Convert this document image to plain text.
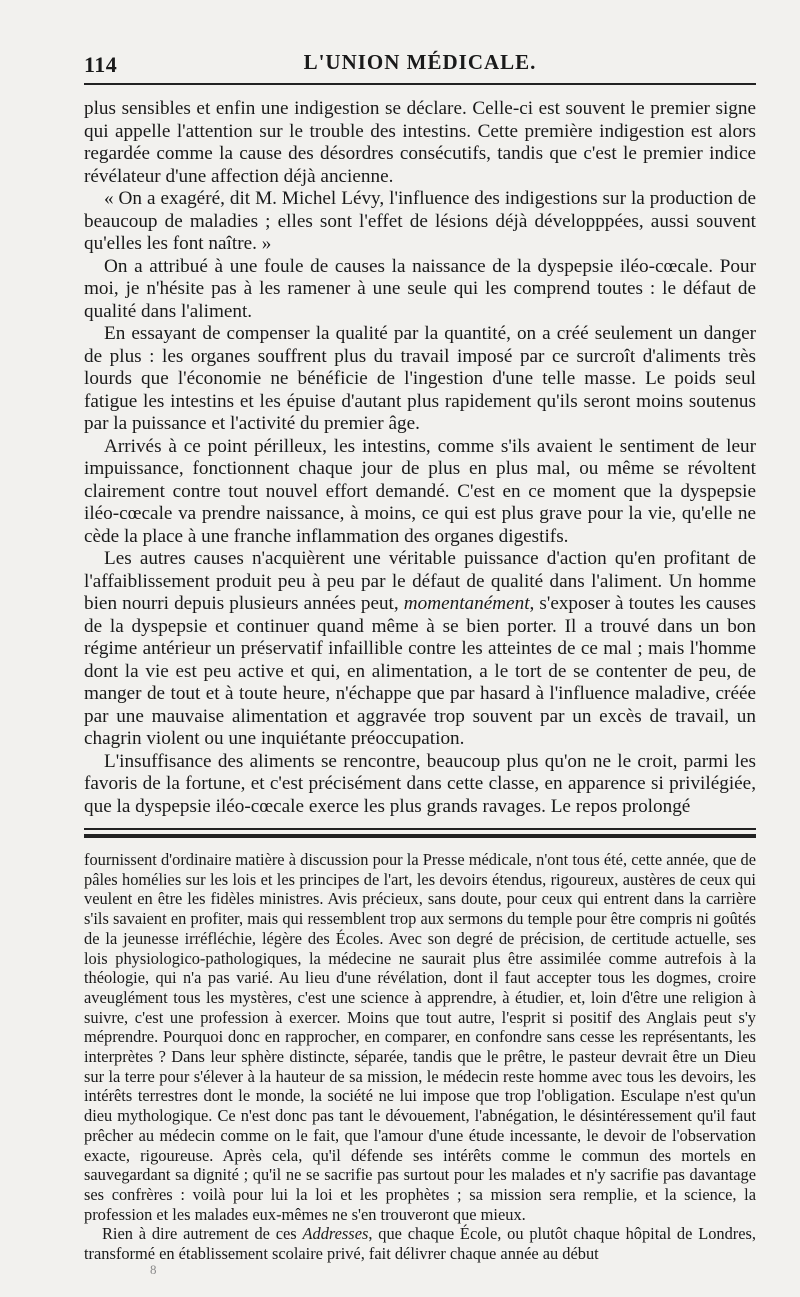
114	L'UNION MÉDICALE.

plus sensibles et enfin une indigestion se déclare. Celle-ci est souvent le premier signe qui appelle l'attention sur le trouble des intestins. Cette première indigestion est alors regardée comme la cause des désordres consécutifs, tandis que c'est le premier indice révélateur d'une affection déjà ancienne.

« On a exagéré, dit M. Michel Lévy, l'influence des indigestions sur la production de beaucoup de maladies ; elles sont l'effet de lésions déjà développpées, aussi souvent qu'elles les font naître. »

On a attribué à une foule de causes la naissance de la dyspepsie iléo-cœcale. Pour moi, je n'hésite pas à les ramener à une seule qui les comprend toutes : le défaut de qualité dans l'aliment.

En essayant de compenser la qualité par la quantité, on a créé seulement un danger de plus : les organes souffrent plus du travail imposé par ce surcroît d'aliments très lourds que l'économie ne bénéficie de l'ingestion d'une telle masse. Le poids seul fatigue les intestins et les épuise d'autant plus rapidement qu'ils seront moins soutenus par la puissance et l'activité du premier âge.

Arrivés à ce point périlleux, les intestins, comme s'ils avaient le sentiment de leur impuissance, fonctionnent chaque jour de plus en plus mal, ou même se révoltent clairement contre tout nouvel effort demandé. C'est en ce moment que la dyspepsie iléo-cœcale va prendre naissance, à moins, ce qui est plus grave pour la vie, qu'elle ne cède la place à une franche inflammation des organes digestifs.

Les autres causes n'acquièrent une véritable puissance d'action qu'en profitant de l'affaiblissement produit peu à peu par le défaut de qualité dans l'aliment. Un homme bien nourri depuis plusieurs années peut, momentanément, s'exposer à toutes les causes de la dyspepsie et continuer quand même à se bien porter. Il a trouvé dans un bon régime antérieur un préservatif infaillible contre les atteintes de ce mal ; mais l'homme dont la vie est peu active et qui, en alimentation, a le tort de se contenter de peu, de manger de tout et à toute heure, n'échappe que par hasard à l'influence maladive, créée par une mauvaise alimentation et aggravée trop souvent par un excès de travail, un chagrin violent ou une inquiétante préoccupation.

L'insuffisance des aliments se rencontre, beaucoup plus qu'on ne le croit, parmi les favoris de la fortune, et c'est précisément dans cette classe, en apparence si privilégiée, que la dyspepsie iléo-cœcale exerce les plus grands ravages. Le repos prolongé

fournissent d'ordinaire matière à discussion pour la Presse médicale, n'ont tous été, cette année, que de pâles homélies sur les lois et les principes de l'art, les devoirs étendus, rigoureux, austères de ceux qui veulent en être les fidèles ministres. Avis précieux, sans doute, pour ceux qui entrent dans la carrière s'ils savaient en profiter, mais qui ressemblent trop aux sermons du temple pour être compris ni goûtés de la jeunesse irréfléchie, légère des Écoles. Avec son degré de précision, de certitude actuelle, ses lois physiologico-pathologiques, la médecine ne saurait plus être assimilée comme autrefois à la théologie, qui n'a pas varié. Au lieu d'une révélation, dont il faut accepter tous les dogmes, croire aveuglément tous les mystères, c'est une science à apprendre, à étudier, et, loin d'être une religion à suivre, c'est une profession à exercer. Moins que tout autre, l'esprit si positif des Anglais peut s'y méprendre. Pourquoi donc en rapprocher, en comparer, en confondre sans cesse les représentants, les interprètes ? Dans leur sphère distincte, séparée, tandis que le prêtre, le pasteur devrait être un Dieu sur la terre pour s'élever à la hauteur de sa mission, le médecin reste homme avec tous les devoirs, les intérêts terrestres dont le monde, la société ne lui impose que trop l'obligation. Esculape n'est qu'un dieu mythologique. Ce n'est donc pas tant le dévouement, l'abnégation, le désintéressement qu'il faut prêcher au médecin comme on le fait, que l'amour d'une étude incessante, le devoir de l'observation exacte, rigoureuse. Après cela, qu'il défende ses intérêts comme le commun des mortels en sauvegardant sa dignité ; qu'il ne se sacrifie pas surtout pour les malades et n'y sacrifie pas davantage ses confrères : voilà pour lui la loi et les prophètes ; sa mission sera remplie, et la science, la profession et les malades eux-mêmes ne s'en trouveront que mieux.

Rien à dire autrement de ces Addresses, que chaque École, ou plutôt chaque hôpital de Londres, transformé en établissement scolaire privé, fait délivrer chaque année au début

8
